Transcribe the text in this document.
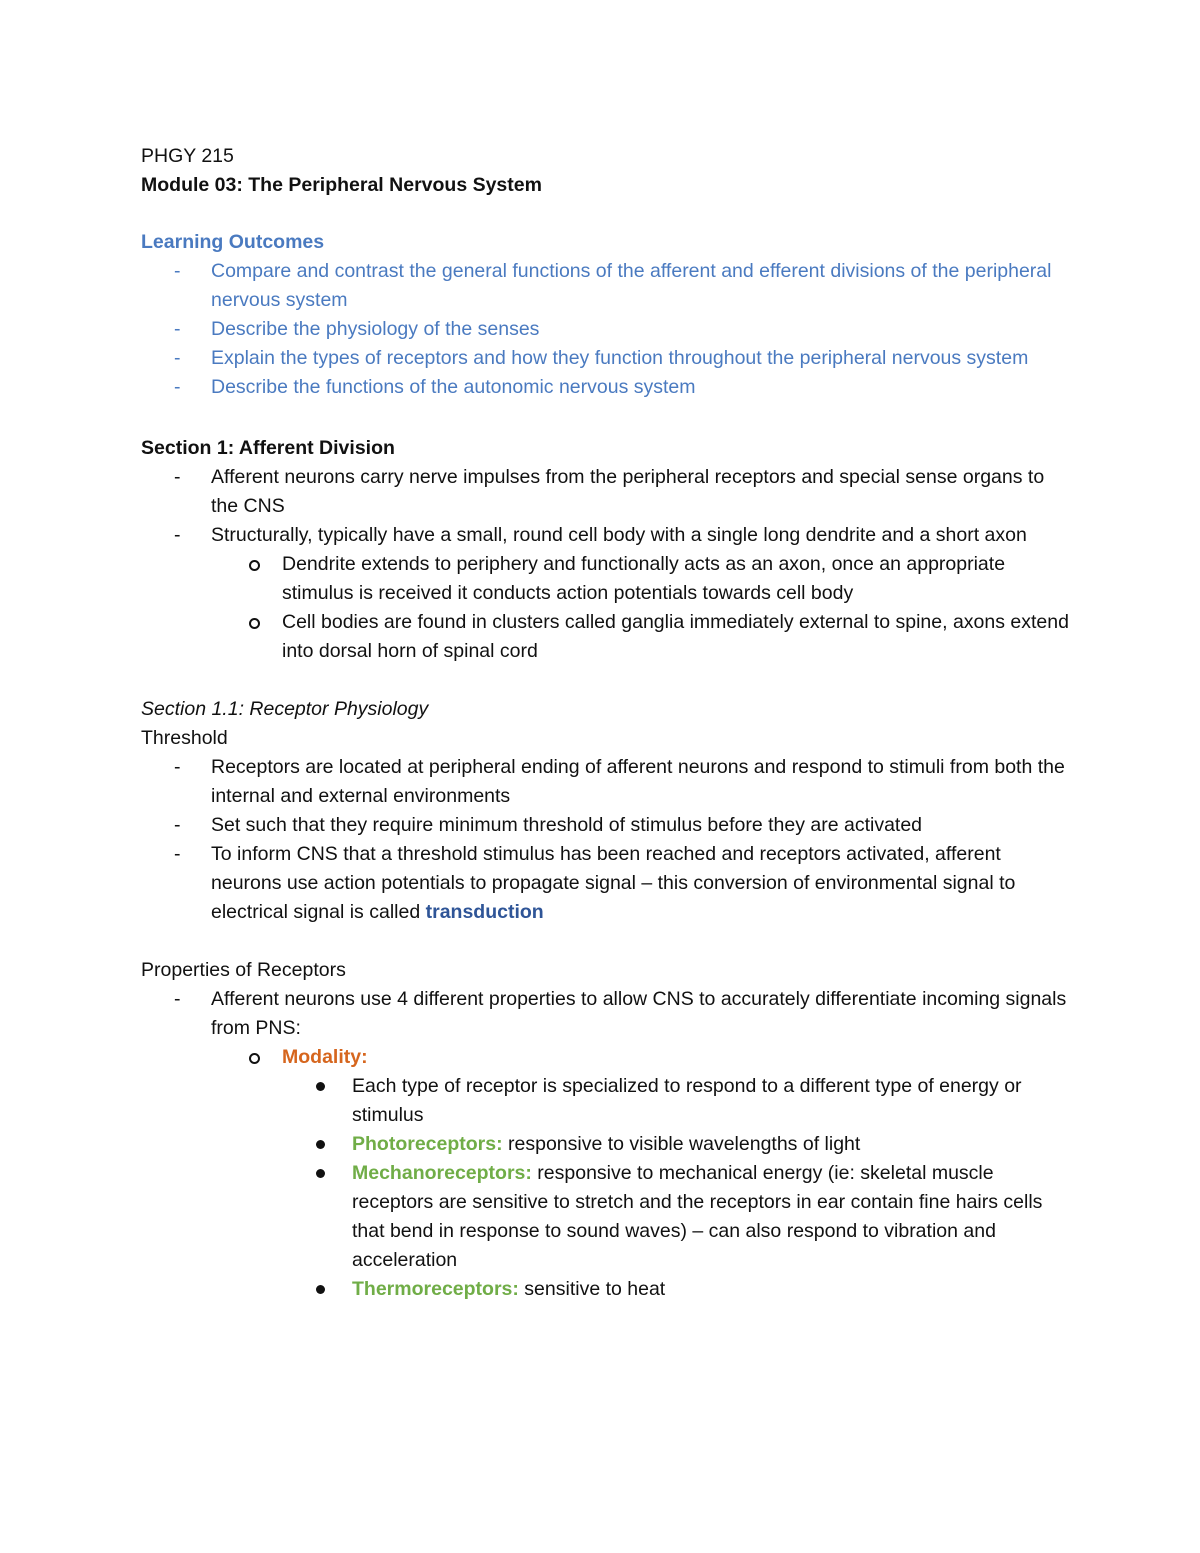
PHGY 215

Module 03: The Peripheral Nervous System

Learning Outcomes

- Compare and contrast the general functions of the afferent and efferent divisions of the peripheral nervous system
- Describe the physiology of the senses
- Explain the types of receptors and how they function throughout the peripheral nervous system
- Describe the functions of the autonomic nervous system

Section 1: Afferent Division

- Afferent neurons carry nerve impulses from the peripheral receptors and special sense organs to the CNS
- Structurally, typically have a small, round cell body with a single long dendrite and a short axon
Dendrite extends to periphery and functionally acts as an axon, once an appropriate stimulus is received it conducts action potentials towards cell body
Cell bodies are found in clusters called ganglia immediately external to spine, axons extend into dorsal horn of spinal cord

Section 1.1: Receptor Physiology

Threshold

- Receptors are located at peripheral ending of afferent neurons and respond to stimuli from both the internal and external environments
- Set such that they require minimum threshold of stimulus before they are activated
- To inform CNS that a threshold stimulus has been reached and receptors activated, afferent neurons use action potentials to propagate signal – this conversion of environmental signal to electrical signal is called transduction

Properties of Receptors

- Afferent neurons use 4 different properties to allow CNS to accurately differentiate incoming signals from PNS:
Modality:
Each type of receptor is specialized to respond to a different type of energy or stimulus
Photoreceptors: responsive to visible wavelengths of light
Mechanoreceptors: responsive to mechanical energy (ie: skeletal muscle receptors are sensitive to stretch and the receptors in ear contain fine hairs cells that bend in response to sound waves) – can also respond to vibration and acceleration
Thermoreceptors: sensitive to heat
